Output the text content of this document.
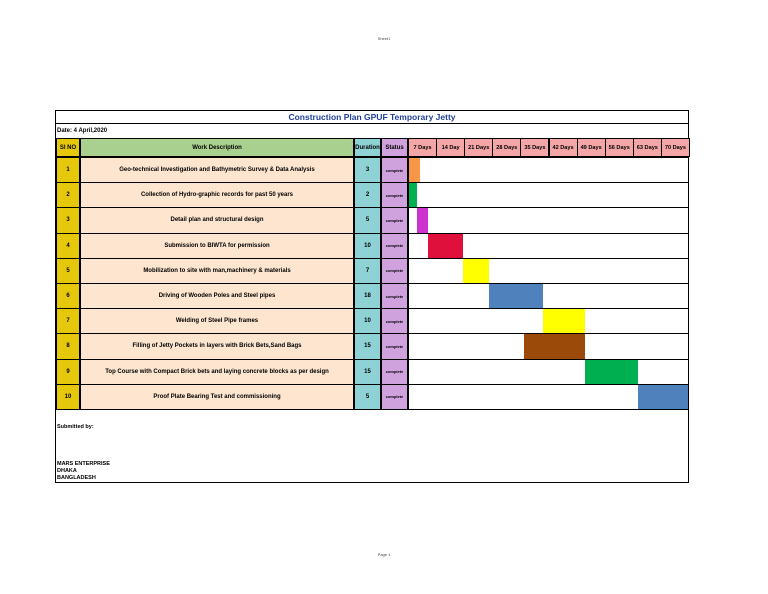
Sheet1
Construction Plan GPUF Temporary Jetty
Date: 4 April,2020
Sl NO	Work Description	Duration Status	7 Days	14 Day	21 Days	28 Days	35 Days	42 Days	49 Days	56 Days	63 Days	70 Days
1	Geo-technical Investigation and Bathymetric Survey & Data Analysis	3	complete
2	Collection of Hydro-graphic records for past 50 years	2	complete
3	Detail plan and structural design	5	complete
4	Submission to BIWTA for permission	10	complete
5	Mobilization to site with man,machinery & materials	7	complete
6	Driving of Wooden Poles and Steel pipes	18	complete
7	Welding of Steel Pipe frames	10	complete
8	Filling of Jetty Pockets in layers with Brick Bets,Sand Bags	15	complete
9	Top Course with Compact Brick bets and laying concrete blocks as per design	15	complete
10	Proof Plate Bearing Test and commissioning	5	complete
Submitted by:
MARS ENTERPRISE
DHAKA
BANGLADESH
Page 1
